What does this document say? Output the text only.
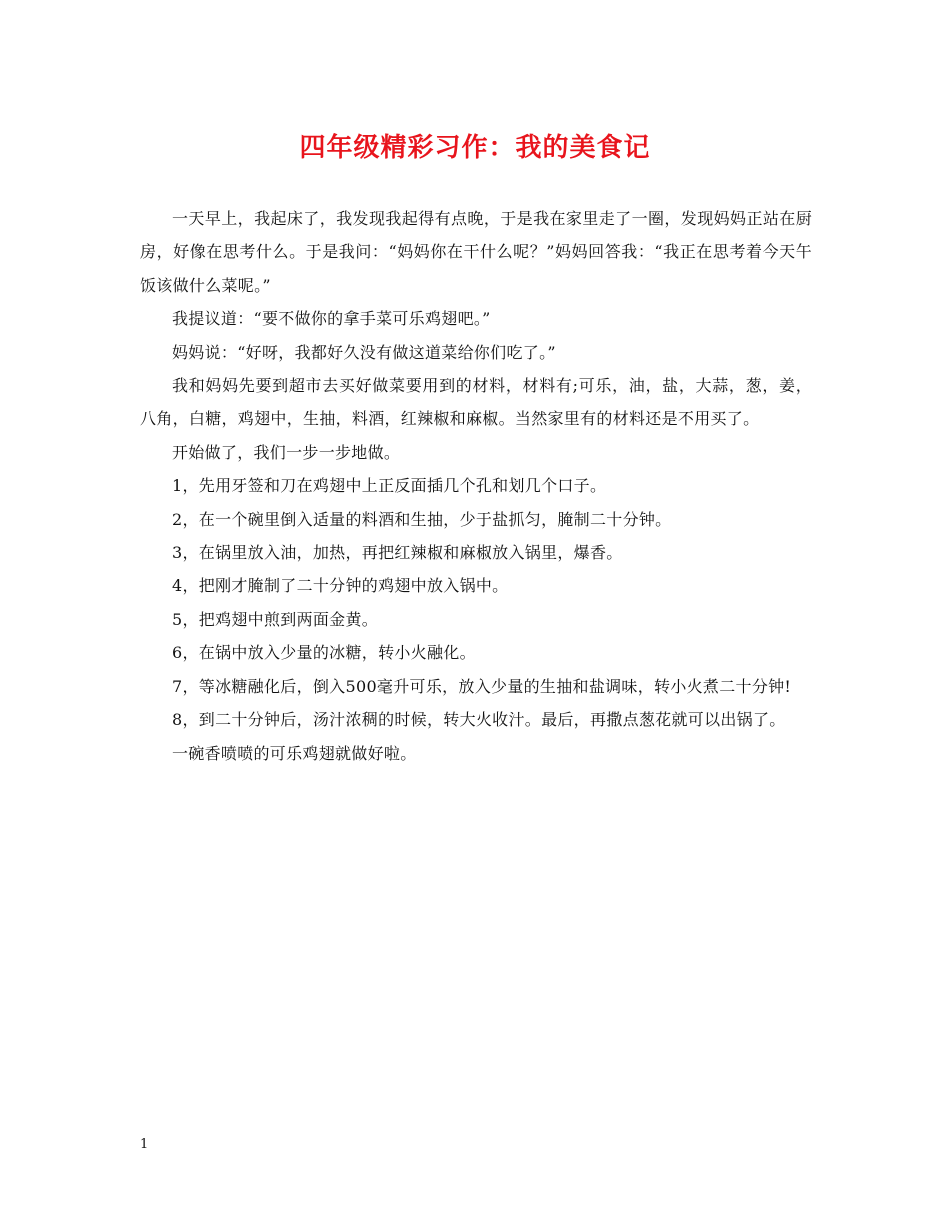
四年级精彩习作：我的美食记

一天早上，我起床了，我发现我起得有点晚，于是我在家里走了一圈，发现妈妈正站在厨房，好像在思考什么。于是我问：“妈妈你在干什么呢？”妈妈回答我：“我正在思考着今天午饭该做什么菜呢。”

我提议道：“要不做你的拿手菜可乐鸡翅吧。”

妈妈说：“好呀，我都好久没有做这道菜给你们吃了。”

我和妈妈先要到超市去买好做菜要用到的材料，材料有;可乐，油，盐，大蒜，葱，姜，八角，白糖，鸡翅中，生抽，料酒，红辣椒和麻椒。当然家里有的材料还是不用买了。

开始做了，我们一步一步地做。

1，先用牙签和刀在鸡翅中上正反面插几个孔和划几个口子。

2，在一个碗里倒入适量的料酒和生抽，少于盐抓匀，腌制二十分钟。

3，在锅里放入油，加热，再把红辣椒和麻椒放入锅里，爆香。

4，把刚才腌制了二十分钟的鸡翅中放入锅中。

5，把鸡翅中煎到两面金黄。

6，在锅中放入少量的冰糖，转小火融化。

7，等冰糖融化后，倒入500毫升可乐，放入少量的生抽和盐调味，转小火煮二十分钟!

8，到二十分钟后，汤汁浓稠的时候，转大火收汁。最后，再撒点葱花就可以出锅了。

一碗香喷喷的可乐鸡翅就做好啦。

1
